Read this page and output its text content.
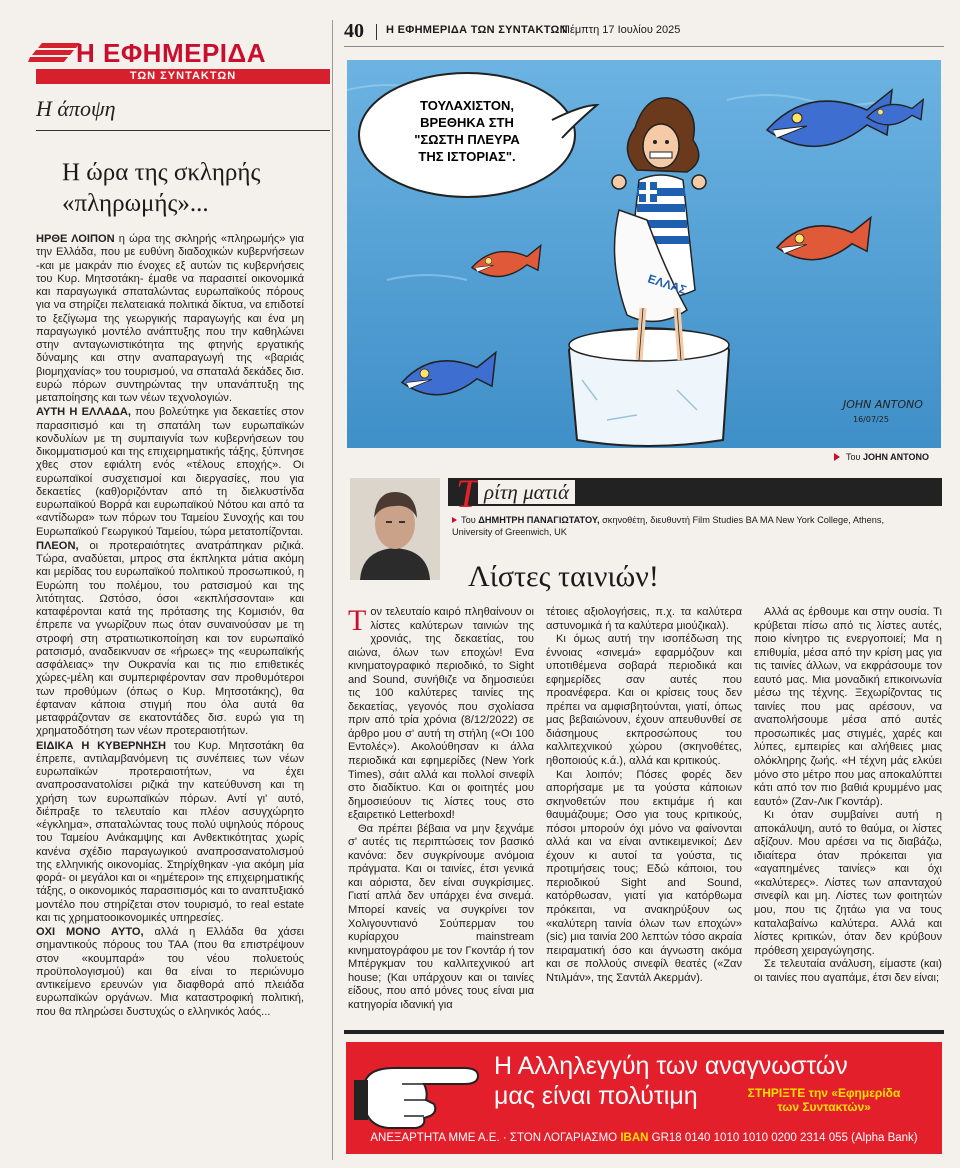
Η ΕΦΗΜΕΡΙΔΑ
ΤΩΝ ΣΥΝΤΑΚΤΩΝ
Η άποψη
Η ώρα της σκληρής
«πληρωμής»...

ΗΡΘΕ ΛΟΙΠΟΝ η ώρα της σκληρής «πληρωμής» για την Ελλάδα, που με ευθύνη διαδοχικών κυβερνήσεων -και με μακράν πιο ένοχες εξ αυτών τις κυβερνήσεις του Κυρ. Μητσοτάκη- έμαθε να παρασιτεί οικονομικά και παραγωγικά σπαταλώντας ευρωπαϊκούς πόρους για να στηρίζει πελατειακά πολιτικά δίκτυα, να επιδοτεί το ξεζίγωμα της γεωργικής παραγωγής και ένα μη παραγωγικό μοντέλο ανάπτυξης που την καθηλώνει στην ανταγωνιστικότητα της φτηνής εργατικής δύναμης και στην αναπαραγωγή της «βαριάς βιομηχανίας» του τουρισμού, να σπαταλά δεκάδες δισ. ευρώ πόρων συντηρώντας την υπανάπτυξη της μεταποίησης και των νέων τεχνολογιών.

ΑΥΤΗ Η ΕΛΛΑΔΑ, που βολεύτηκε για δεκαετίες στον παρασιτισμό και τη σπατάλη των ευρωπαϊκών κονδυλίων με τη συμπαιγνία των κυβερνήσεων του δικομματισμού και της επιχειρηματικής τάξης, ξύπνησε χθες στον εφιάλτη ενός «τέλους εποχής». Οι ευρωπαϊκοί συσχετισμοί και διεργασίες, που για δεκαετίες (καθ)οριζόνταν από τη διελκυστίνδα ευρωπαϊκού Βορρά και ευρωπαϊκού Νότου και από τα «αντίδωρα» των πόρων του Ταμείου Συνοχής και του Ευρωπαϊκού Γεωργικού Ταμείου, τώρα μετατοπίζονται.

ΠΛΕΟΝ, οι προτεραιότητες ανατράπηκαν ριζικά. Τώρα, αναδύεται, μπρος στα έκπληκτα μάτια ακόμη και μερίδας του ευρωπαϊκού πολιτικού προσωπικού, η Ευρώπη του πολέμου, του ρατσισμού και της λιτότητας. Ωστόσο, όσοι «εκπλήσσονται» και καταφέρονται κατά της πρότασης της Κομισιόν, θα έπρεπε να γνωρίζουν πως όταν συναινούσαν με τη στροφή στη στρατιωτικοποίηση και τον ευρωπαϊκό ρατσισμό, αναδεικνυαν σε «ήρωες» της «ευρωπαϊκής ασφάλειας» την Ουκρανία και τις πιο επιθετικές χώρες-μέλη και συμπεριφέρονταν σαν προθυμότεροι των προθύμων (όπως ο Κυρ. Μητσοτάκης), θα έφταναν κάποια στιγμή που όλα αυτά θα μεταφράζονταν σε εκατοντάδες δισ. ευρώ για τη χρηματοδότηση των νέων προτεραιοτήτων.

ΕΙΔΙΚΑ Η ΚΥΒΕΡΝΗΣΗ του Κυρ. Μητσοτάκη θα έπρεπε, αντιλαμβανόμενη τις συνέπειες των νέων ευρωπαϊκών προτεραιοτήτων, να έχει αναπροσανατολίσει ριζικά την κατεύθυνση και τη χρήση των ευρωπαϊκών πόρων. Αντί γι' αυτό, διέπραξε το τελευταίο και πλέον ασυγχώρητο «έγκλημα», σπαταλώντας τους πολύ υψηλούς πόρους του Ταμείου Ανάκαμψης και Ανθεκτικότητας χωρίς κανένα σχέδιο παραγωγικού αναπροσανατολισμού της ελληνικής οικονομίας. Στηρίχθηκαν -για ακόμη μία φορά- οι μεγάλοι και οι «ημέτεροι» της επιχειρηματικής τάξης, ο οικονομικός παρασιτισμός και το αναπτυξιακό μοντέλο που στηρίζεται στον τουρισμό, το real estate και τις χρηματοοικονομικές υπηρεσίες.

ΟΧΙ ΜΟΝΟ ΑΥΤΟ, αλλά η Ελλάδα θα χάσει σημαντικούς πόρους του ΤΑΑ (που θα επιστρέψουν στον «κουμπαρά» του νέου πολυετούς προϋπολογισμού) και θα είναι το περιώνυμο αντικείμενο ερευνών για διαφθορά από πλειάδα ευρωπαϊκών οργάνων. Μια καταστροφική πολιτική, που θα πληρώσει δυστυχώς ο ελληνικός λαός...

40 Η ΕΦΗΜΕΡΙΔΑ ΤΩΝ ΣΥΝΤΑΚΤΩΝ
Πέμπτη 17 Ιουλίου 2025
ΤΟΥΛΑΧΙΣΤΟΝ,
ΒΡΕΘΗΚΑ ΣΤΗ
"ΣΩΣΤΗ ΠΛΕΥΡΑ
ΤΗΣ ΙΣΤΟΡΙΑΣ".
ΕΛΛΑΣ
JOHN ANTONO
16/07/25
Του JOHN ANTONO
Τ ρίτη ματιά
Του ΔΗΜΗΤΡΗ ΠΑΝΑΓΙΩΤΑΤΟΥ, σκηνοθέτη, διευθυντή Film Studies BA MA New York College, Athens, University of Greenwich, UK
Λίστες ταινιών!

Τον τελευταίο καιρό πληθαίνουν οι λίστες καλύτερων ταινιών της χρονιάς, της δεκαετίας, του αιώνα, όλων των εποχών! Ενα κινηματογραφικό περιοδικό, το Sight and Sound, συνήθιζε να δημοσιεύει τις 100 καλύτερες ταινίες της δεκαετίας, γεγονός που σχολίασα πριν από τρία χρόνια (8/12/2022) σε άρθρο μου σ' αυτή τη στήλη («Οι 100 Εντολές»). Ακολούθησαν κι άλλα περιοδικά και εφημερίδες (New York Times), σάιτ αλλά και πολλοί σινεφίλ στο διαδίκτυο. Και οι φοιτητές μου δημοσιεύουν τις λίστες τους στο εξαιρετικό Letterboxd!

Θα πρέπει βέβαια να μην ξεχνάμε σ' αυτές τις περιπτώσεις τον βασικό κανόνα: δεν συγκρίνουμε ανόμοια πράγματα. Και οι ταινίες, έτσι γενικά και αόριστα, δεν είναι συγκρίσιμες. Γιατί απλά δεν υπάρχει ένα σινεμά. Μπορεί κανείς να συγκρίνει τον Χολιγουντιανό Σούπερμαν του κυρίαρχου mainstream κινηματογράφου με τον Γκοντάρ ή τον Μπέργκμαν του καλλιτεχνικού art house; (Και υπάρχουν και οι ταινίες είδους, που από μόνες τους είναι μια κατηγορία ιδανική για

τέτοιες αξιολογήσεις, π.χ. τα καλύτερα αστυνομικά ή τα καλύτερα μιούζικαλ).

Κι όμως αυτή την ισοπέδωση της έννοιας «σινεμά» εφαρμόζουν και υποτιθέμενα σοβαρά περιοδικά και εφημερίδες σαν αυτές που προανέφερα. Και οι κρίσεις τους δεν πρέπει να αμφισβητούνται, γιατί, όπως μας βεβαιώνουν, έχουν απευθυνθεί σε διάσημους εκπροσώπους του καλλιτεχνικού χώρου (σκηνοθέτες, ηθοποιούς κ.ά.), αλλά και κριτικούς.

Και λοιπόν; Πόσες φορές δεν απορήσαμε με τα γούστα κάποιων σκηνοθετών που εκτιμάμε ή και θαυμάζουμε; Οσο για τους κριτικούς, πόσοι μπορούν όχι μόνο να φαίνονται αλλά και να είναι αντικειμενικοί; Δεν έχουν κι αυτοί τα γούστα, τις προτιμήσεις τους; Εδώ κάποιοι, του περιοδικού Sight and Sound, κατόρθωσαν, γιατί για κατόρθωμα πρόκειται, να ανακηρύξουν ως «καλύτερη ταινία όλων των εποχών» (sic) μια ταινία 200 λεπτών τόσο ακραία πειραματική όσο και άγνωστη ακόμα και σε πολλούς σινεφίλ θεατές («Ζαν Ντιλμάν», της Σαντάλ Ακερμάν).

Αλλά ας έρθουμε και στην ουσία. Τι κρύβεται πίσω από τις λίστες αυτές, ποιο κίνητρο τις ενεργοποιεί; Μα η επιθυμία, μέσα από την κρίση μας για τις ταινίες άλλων, να εκφράσουμε τον εαυτό μας. Μια μοναδική επικοινωνία μέσω της τέχνης. Ξεχωρίζοντας τις ταινίες που μας αρέσουν, να αναπολήσουμε μέσα από αυτές προσωπικές μας στιγμές, χαρές και λύπες, εμπειρίες και αλήθειες μιας ολόκληρης ζωής. «Η τέχνη μάς ελκύει μόνο στο μέτρο που μας αποκαλύπτει κάτι από τον πιο βαθιά κρυμμένο μας εαυτό» (Ζαν-Λικ Γκοντάρ).

Κι όταν συμβαίνει αυτή η αποκάλυψη, αυτό το θαύμα, οι λίστες αξίζουν. Μου αρέσει να τις διαβάζω, ιδιαίτερα όταν πρόκειται για «αγαπημένες ταινίες» και όχι «καλύτερες». Λίστες των απανταχού σινεφίλ και μη. Λίστες των φοιτητών μου, που τις ζητάω για να τους καταλαβαίνω καλύτερα. Αλλά και λίστες κριτικών, όταν δεν κρύβουν πρόθεση χειραγώγησης.

Σε τελευταία ανάλυση, είμαστε (και) οι ταινίες που αγαπάμε, έτσι δεν είναι;

Η Αλληλεγγύη των αναγνωστών
μας είναι πολύτιμη	ΣΤΗΡΙΞΤΕ την «Εφημερίδα
των Συντακτών»
ΑΝΕΞΑΡΤΗΤΑ ΜΜΕ Α.Ε. · ΣΤΟΝ ΛΟΓΑΡΙΑΣΜΟ IBAN GR18 0140 1010 1010 0200 2314 055 (Alpha Bank)
